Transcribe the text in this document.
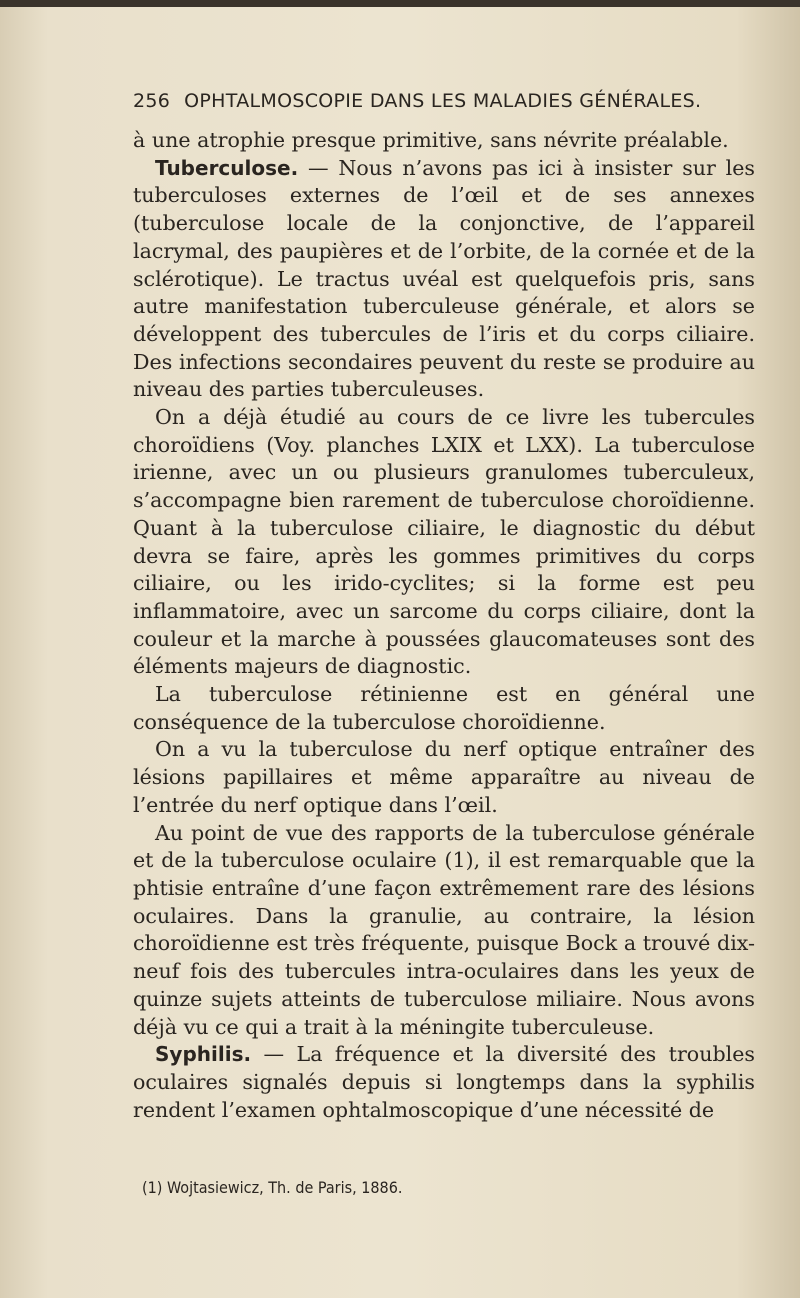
256 OPHTALMOSCOPIE DANS LES MALADIES GÉNÉRALES.

à une atrophie presque primitive, sans névrite préalable.

Tuberculose. — Nous n’avons pas ici à insister sur les tuberculoses externes de l’œil et de ses annexes (tuberculose locale de la conjonctive, de l’appareil lacrymal, des paupières et de l’orbite, de la cornée et de la sclérotique). Le tractus uvéal est quelquefois pris, sans autre manifestation tuberculeuse générale, et alors se développent des tubercules de l’iris et du corps ciliaire. Des infections secondaires peuvent du reste se produire au niveau des parties tuberculeuses.

On a déjà étudié au cours de ce livre les tubercules choroïdiens (Voy. planches LXIX et LXX). La tuberculose irienne, avec un ou plusieurs granulomes tuberculeux, s’accompagne bien rarement de tuberculose choroïdienne. Quant à la tuberculose ciliaire, le diagnostic du début devra se faire, après les gommes primitives du corps ciliaire, ou les irido-cyclites; si la forme est peu inflammatoire, avec un sarcome du corps ciliaire, dont la couleur et la marche à poussées glaucomateuses sont des éléments majeurs de diagnostic.

La tuberculose rétinienne est en général une conséquence de la tuberculose choroïdienne.

On a vu la tuberculose du nerf optique entraîner des lésions papillaires et même apparaître au niveau de l’entrée du nerf optique dans l’œil.

Au point de vue des rapports de la tuberculose générale et de la tuberculose oculaire (1), il est remarquable que la phtisie entraîne d’une façon extrêmement rare des lésions oculaires. Dans la granulie, au contraire, la lésion choroïdienne est très fréquente, puisque Bock a trouvé dix-neuf fois des tubercules intra-oculaires dans les yeux de quinze sujets atteints de tuberculose miliaire. Nous avons déjà vu ce qui a trait à la méningite tuberculeuse.

Syphilis. — La fréquence et la diversité des troubles oculaires signalés depuis si longtemps dans la syphilis rendent l’examen ophtalmoscopique d’une nécessité de

(1) Wojtasiewicz, Th. de Paris, 1886.
